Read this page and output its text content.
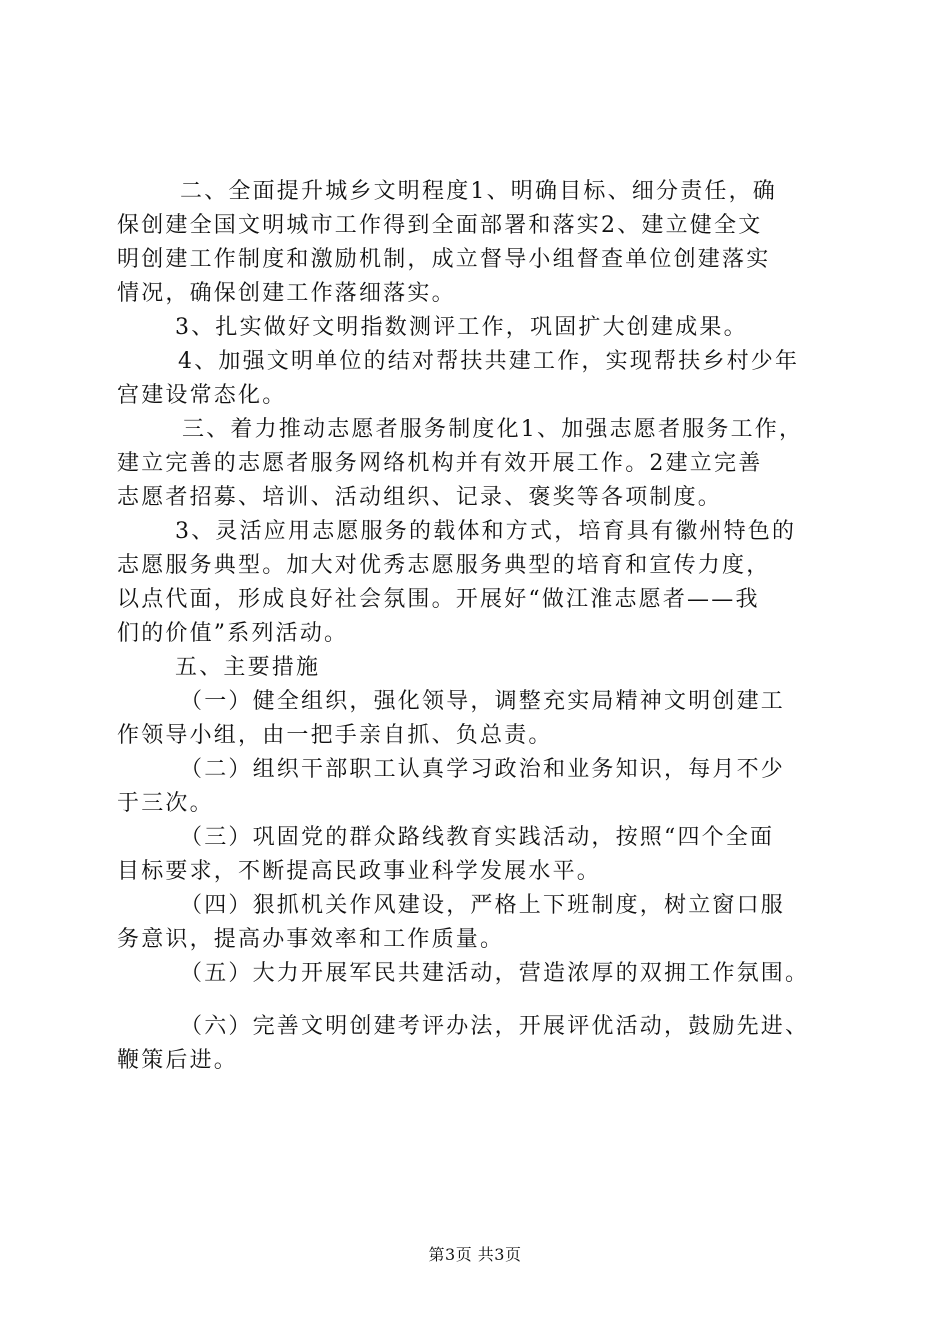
二、全面提升城乡文明程度1、明确目标、细分责任，确
保创建全国文明城市工作得到全面部署和落实2、建立健全文
明创建工作制度和激励机制，成立督导小组督查单位创建落实
情况，确保创建工作落细落实。
3、扎实做好文明指数测评工作，巩固扩大创建成果。
4、加强文明单位的结对帮扶共建工作，实现帮扶乡村少年
宫建设常态化。
三、着力推动志愿者服务制度化1、加强志愿者服务工作，
建立完善的志愿者服务网络机构并有效开展工作。2建立完善
志愿者招募、培训、活动组织、记录、褒奖等各项制度。
3、灵活应用志愿服务的载体和方式，培育具有徽州特色的
志愿服务典型。加大对优秀志愿服务典型的培育和宣传力度，
以点代面，形成良好社会氛围。开展好“做江淮志愿者——我
们的价值”系列活动。
五、主要措施
（一）健全组织，强化领导，调整充实局精神文明创建工
作领导小组，由一把手亲自抓、负总责。
（二）组织干部职工认真学习政治和业务知识，每月不少
于三次。
（三）巩固党的群众路线教育实践活动，按照“四个全面
目标要求，不断提高民政事业科学发展水平。
（四）狠抓机关作风建设，严格上下班制度，树立窗口服
务意识，提高办事效率和工作质量。
（五）大力开展军民共建活动，营造浓厚的双拥工作氛围。
（六）完善文明创建考评办法，开展评优活动，鼓励先进、
鞭策后进。
第3页 共3页
